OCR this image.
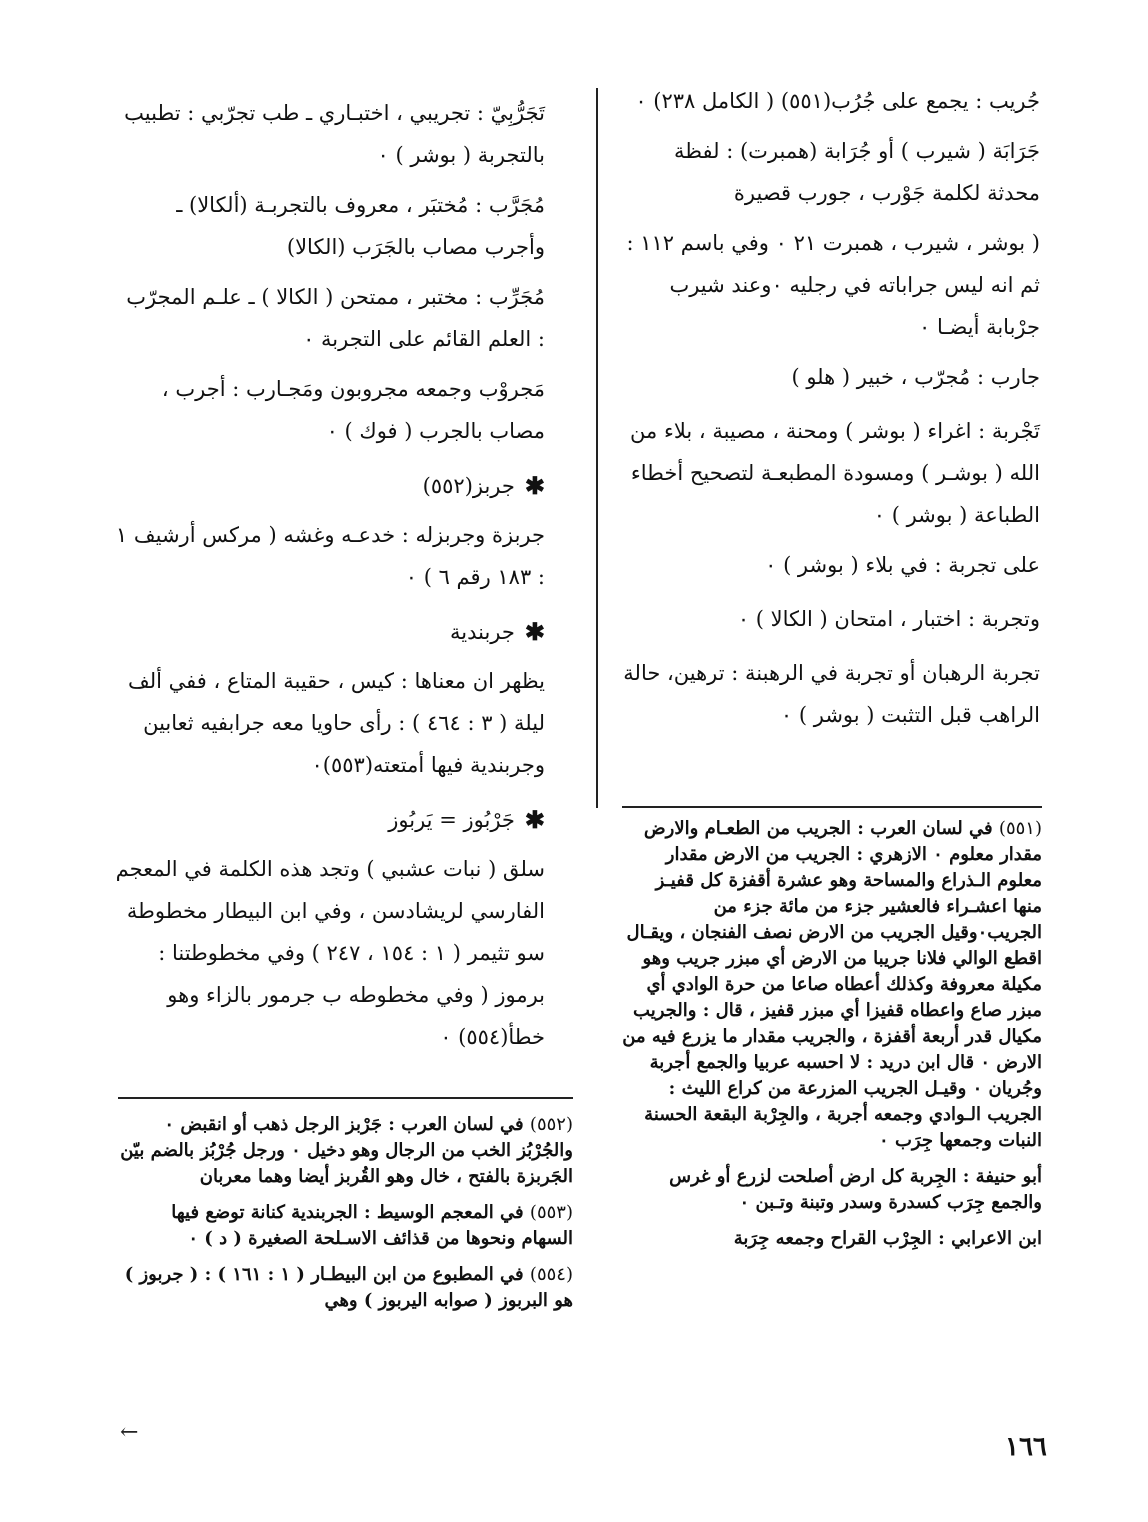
جُريب : يجمع على جُرُب(٥٥١) ( الكامل ٢٣٨) ٠

جَرَابَة ( شيرب ) أو جُرَابة (همبرت) : لفظة محدثة لكلمة جَوْرب ، جورب قصيرة

( بوشر ، شيرب ، همبرت ٢١ ٠ وفي باسم ١١٢ : ثم انه ليس جراباته في رجليه ٠وعند شيرب جرْبابة أيضـا ٠

جارب : مُجرّب ، خبير ( هلو )

تَجْربة : اغراء ( بوشر ) ومحنة ، مصيبة ، بلاء من الله ( بوشـر ) ومسودة المطبعـة لتصحيح أخطاء الطباعة ( بوشر ) ٠

على تجربة : في بلاء ( بوشر ) ٠

وتجربة : اختبار ، امتحان ( الكالا ) ٠

تجربة الرهبان أو تجربة في الرهبنة : ترهين، حالة الراهب قبل التثبت ( بوشر ) ٠

تَجَرُّبِيّ : تجريبي ، اختبـاري ـ طب تجرّبي : تطبيب بالتجربة ( بوشر ) ٠

مُجَرَّب : مُختبَر ، معروف بالتجربـة (ألكالا) ـ وأجرب مصاب بالجَرَب (الكالا)

مُجَرِّب : مختبر ، ممتحن ( الكالا ) ـ علـم المجرّب : العلم القائم على التجربة ٠

مَجروْب وجمعه مجروبون ومَجـارب : أجرب ، مصاب بالجرب ( فوك ) ٠

✱
جربز(٥٥٢)

جربزة وجربزله : خدعـه وغشه ( مركس أرشيف ١ : ١٨٣ رقم ٦ ) ٠

✱
جربندية

يظهر ان معناها : كيس ، حقيبة المتاع ، ففي ألف ليلة ( ٣ : ٤٦٤ ) : رأى حاويا معه جرابفيه ثعابين وجربندية فيها أمتعته(٥٥٣)٠

✱
جَرْبُوز = يَربُوز

سلق ( نبات عشبي ) وتجد هذه الكلمة في المعجم الفارسي لريشادسن ، وفي ابن البيطار مخطوطة سو تثيمر ( ١ : ١٥٤ ، ٢٤٧ ) وفي مخطوطتنا : برموز ( وفي مخطوطه ب جرمور بالزاء وهو خطأ(٥٥٤) ٠

(٥٥١) في لسان العرب : الجريب من الطعـام والارض مقدار معلوم ٠ الازهري : الجريب من الارض مقدار معلوم الـذراع والمساحة وهو عشرة أقفزة كل قفيـز منها اعشـراء فالعشير جزء من مائة جزء من الجريب٠وقيل الجريب من الارض نصف الفنجان ، ويقـال اقطع الوالي فلانا جريبا من الارض أي مبزر جريب وهو مكيلة معروفة وكذلك أعطاه صاعا من حرة الوادي أي مبزر صاع واعطاه قفيزا أي مبزر قفيز ، قال : والجريب مكيال قدر أربعة أقفزة ، والجريب مقدار ما يزرع فيه من الارض ٠ قال ابن دريد : لا احسبه عربيا والجمع أجربة وجُريان ٠ وقيـل الجريب المزرعة من كراع الليث : الجريب الـوادي وجمعه أجربة ، والجِرْبة البقعة الحسنة النبات وجمعها جِرَب ٠

أبو حنيفة : الجِربة كل ارض أصلحت لزرع أو غرس والجمع جِرَب كسدرة وسدر وتبنة وتـبن ٠

ابن الاعرابي : الجِرْب القراح وجمعه جِرَبة

(٥٥٢) في لسان العرب : جَرْبز الرجل ذهب أو انقبض ٠ والجُرْبُز الخب من الرجال وهو دخيل ٠ ورجل جُرْبُز بالضم بيّن الجَربزة بالفتح ، خال وهو القُربز أيضا وهما معربان

(٥٥٣) في المعجم الوسيط : الجربندية كنانة توضع فيها السهام ونحوها من قذائف الاسـلحة الصغيرة ( د ) ٠

(٥٥٤) في المطبوع من ابن البيطـار ( ١ : ١٦١ ) : ( جربوز ) هو البربوز ( صوابه اليربوز ) وهي

←	١٦٦
